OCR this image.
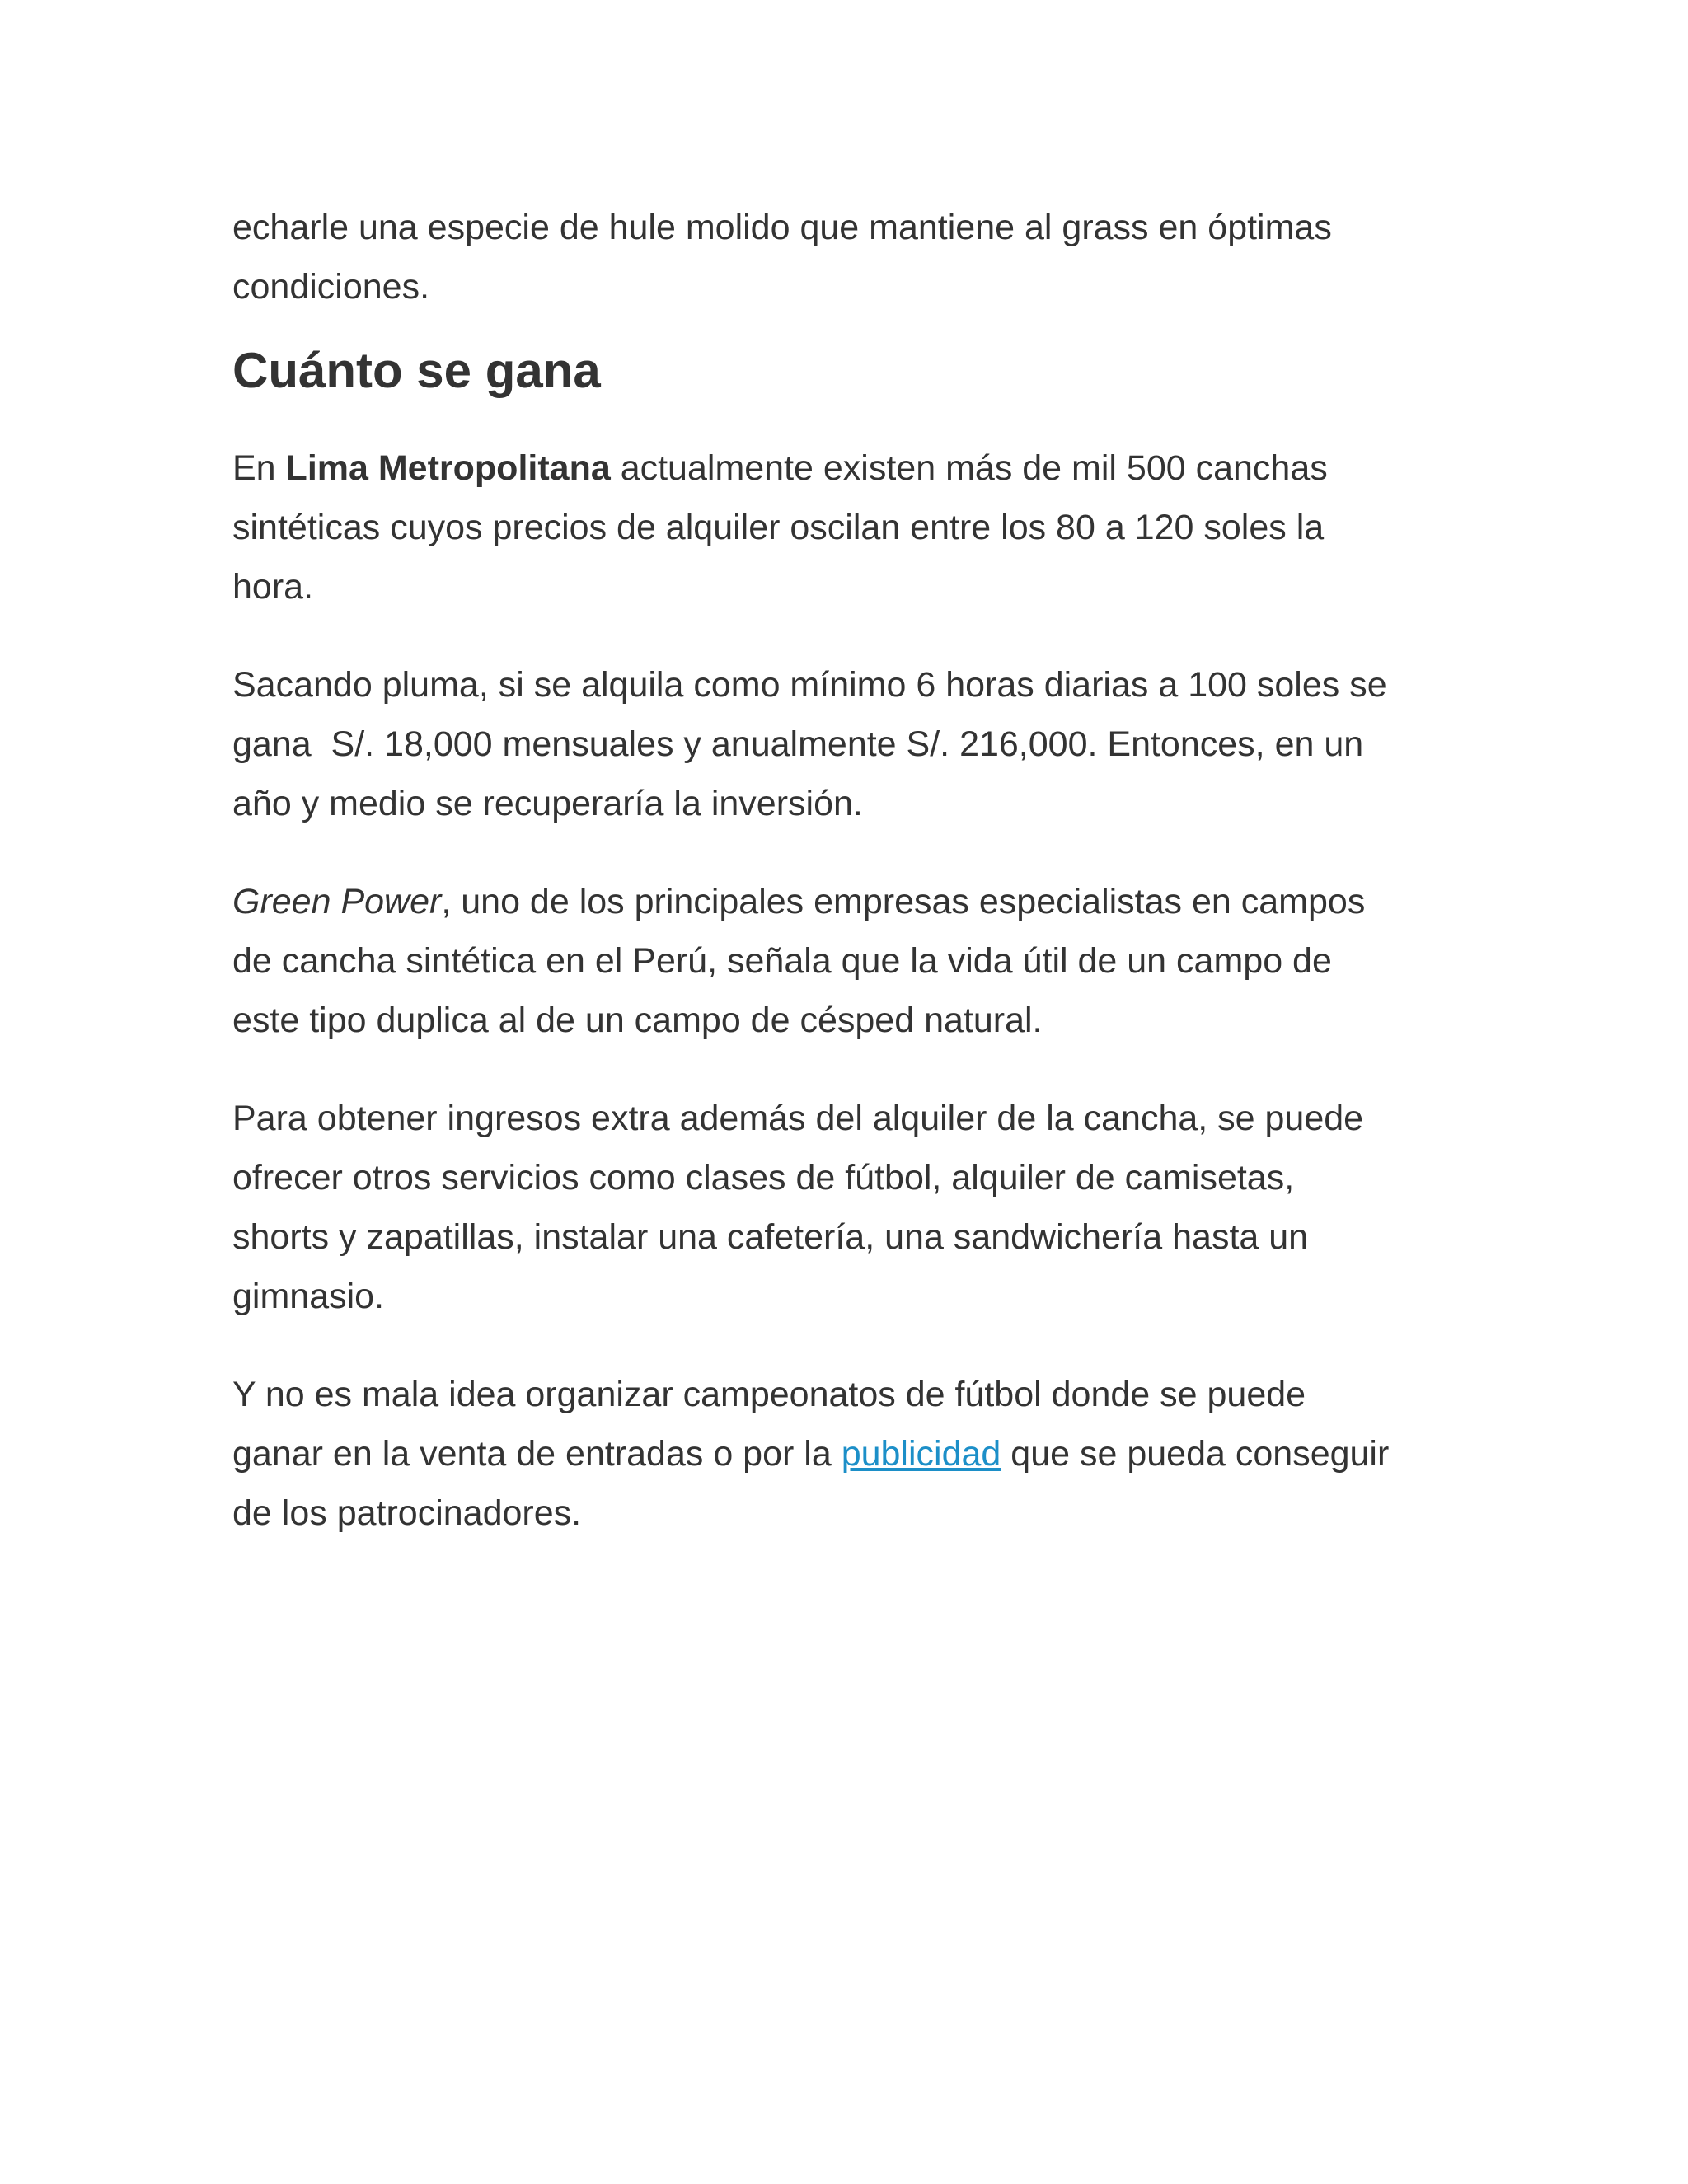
echarle una especie de hule molido que mantiene al grass en óptimas
condiciones.

Cuánto se gana

En Lima Metropolitana actualmente existen más de mil 500 canchas
sintéticas cuyos precios de alquiler oscilan entre los 80 a 120 soles la
hora.

Sacando pluma, si se alquila como mínimo 6 horas diarias a 100 soles se
gana  S/. 18,000 mensuales y anualmente S/. 216,000. Entonces, en un
año y medio se recuperaría la inversión.

Green Power, uno de los principales empresas especialistas en campos
de cancha sintética en el Perú, señala que la vida útil de un campo de
este tipo duplica al de un campo de césped natural.

Para obtener ingresos extra además del alquiler de la cancha, se puede
ofrecer otros servicios como clases de fútbol, alquiler de camisetas,
shorts y zapatillas, instalar una cafetería, una sandwichería hasta un
gimnasio.

Y no es mala idea organizar campeonatos de fútbol donde se puede
ganar en la venta de entradas o por la publicidad que se pueda conseguir
de los patrocinadores.
